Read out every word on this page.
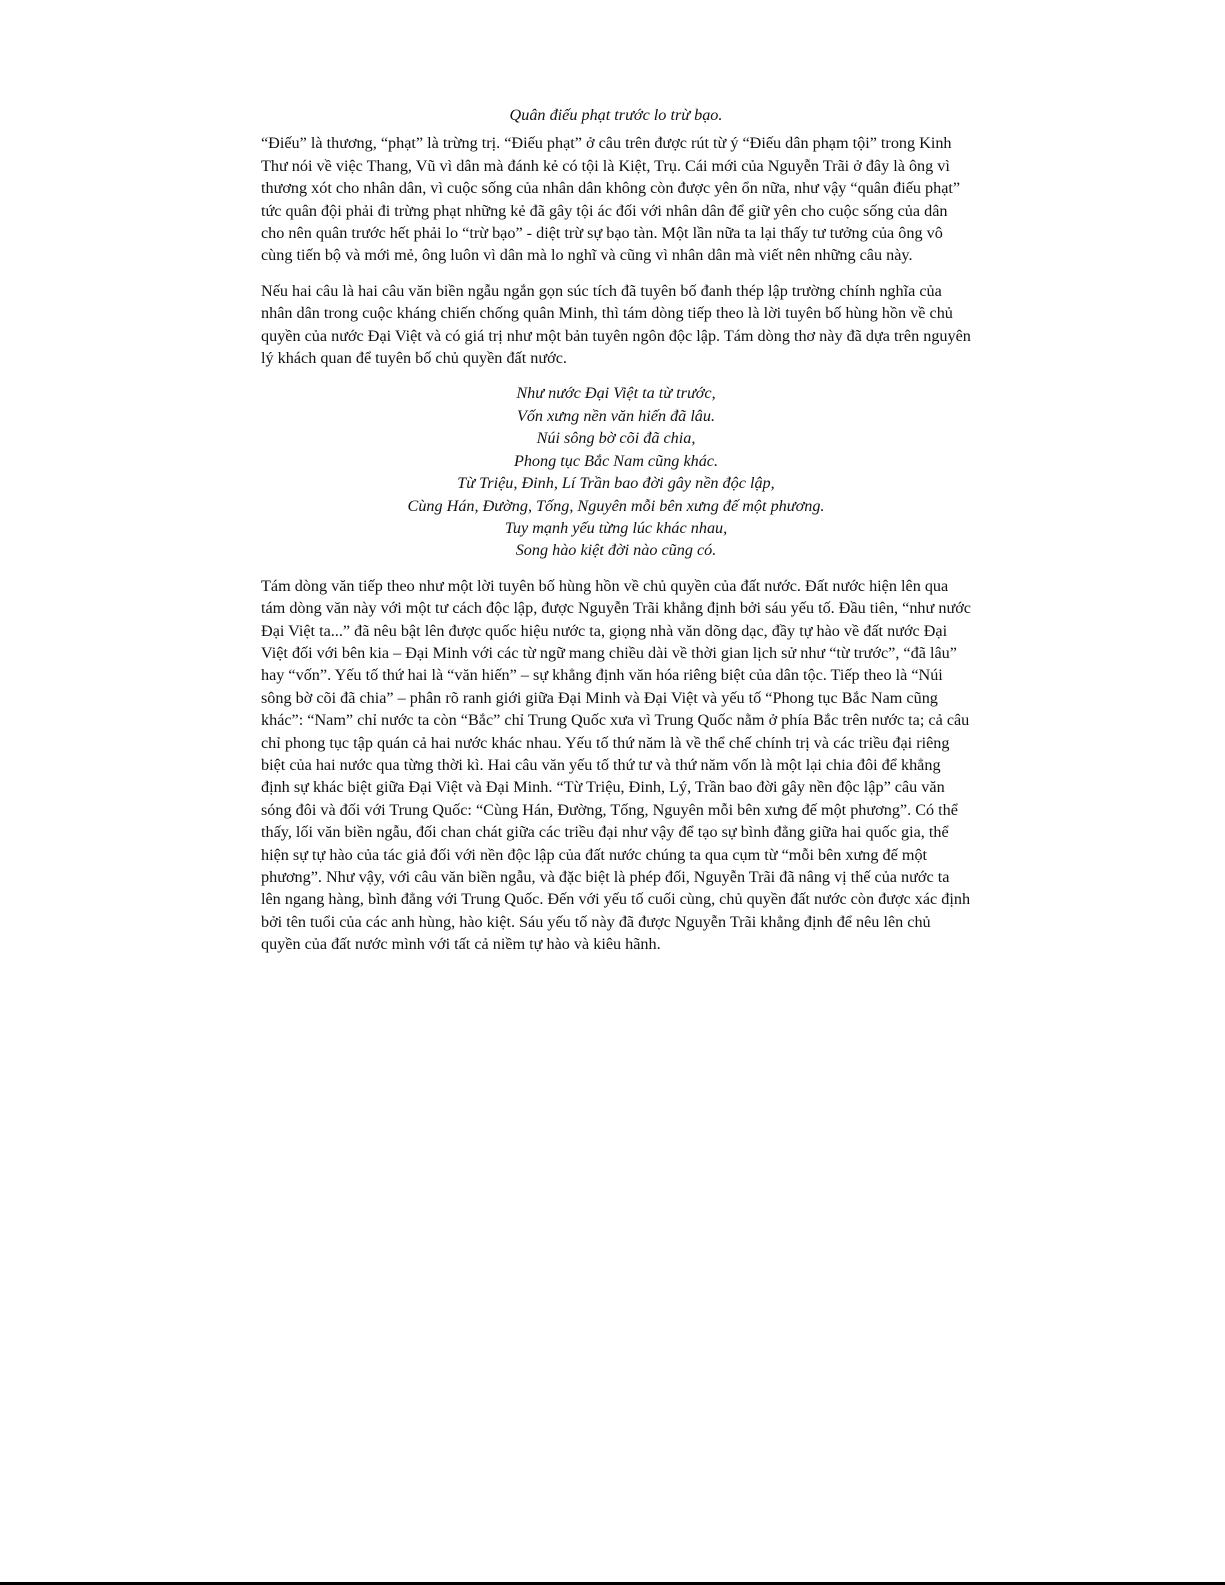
Quân điếu phạt trước lo trừ bạo.

“Điếu” là thương, “phạt” là trừng trị. “Điếu phạt” ở câu trên được rút từ ý “Điếu dân phạm tội” trong Kinh Thư nói về việc Thang, Vũ vì dân mà đánh kẻ có tội là Kiệt, Trụ. Cái mới của Nguyễn Trãi ở đây là ông vì thương xót cho nhân dân, vì cuộc sống của nhân dân không còn được yên ổn nữa, như vậy “quân điếu phạt” tức quân đội phải đi trừng phạt những kẻ đã gây tội ác đối với nhân dân để giữ yên cho cuộc sống của dân cho nên quân trước hết phải lo “trừ bạo” - diệt trừ sự bạo tàn. Một lần nữa ta lại thấy tư tưởng của ông vô cùng tiến bộ và mới mẻ, ông luôn vì dân mà lo nghĩ và cũng vì nhân dân mà viết nên những câu này.

Nếu hai câu là hai câu văn biền ngẫu ngắn gọn súc tích đã tuyên bố đanh thép lập trường chính nghĩa của nhân dân trong cuộc kháng chiến chống quân Minh, thì tám dòng tiếp theo là lời tuyên bố hùng hồn về chủ quyền của nước Đại Việt và có giá trị như một bản tuyên ngôn độc lập. Tám dòng thơ này đã dựa trên nguyên lý khách quan để tuyên bố chủ quyền đất nước.

Như nước Đại Việt ta từ trước,
Vốn xưng nền văn hiến đã lâu.
Núi sông bờ cõi đã chia,
Phong tục Bắc Nam cũng khác.
Từ Triệu, Đinh, Lí Trần bao đời gây nền độc lập,
Cùng Hán, Đường, Tống, Nguyên mỗi bên xưng đế một phương.
Tuy mạnh yếu từng lúc khác nhau,
Song hào kiệt đời nào cũng có.

Tám dòng văn tiếp theo như một lời tuyên bố hùng hồn về chủ quyền của đất nước. Đất nước hiện lên qua tám dòng văn này với một tư cách độc lập, được Nguyễn Trãi khẳng định bởi sáu yếu tố. Đầu tiên, “như nước Đại Việt ta...” đã nêu bật lên được quốc hiệu nước ta, giọng nhà văn dõng dạc, đầy tự hào về đất nước Đại Việt đối với bên kia – Đại Minh với các từ ngữ mang chiều dài về thời gian lịch sử như “từ trước”, “đã lâu” hay “vốn”. Yếu tố thứ hai là “văn hiến” – sự khẳng định văn hóa riêng biệt của dân tộc. Tiếp theo là “Núi sông bờ cõi đã chia” – phân rõ ranh giới giữa Đại Minh và Đại Việt và yếu tố “Phong tục Bắc Nam cũng khác”: “Nam” chỉ nước ta còn “Bắc” chỉ Trung Quốc xưa vì Trung Quốc nằm ở phía Bắc trên nước ta; cả câu chỉ phong tục tập quán cả hai nước khác nhau. Yếu tố thứ năm là về thể chế chính trị và các triều đại riêng biệt của hai nước qua từng thời kì. Hai câu văn yếu tố thứ tư và thứ năm vốn là một lại chia đôi để khẳng định sự khác biệt giữa Đại Việt và Đại Minh. “Từ Triệu, Đinh, Lý, Trần bao đời gây nền độc lập” câu văn sóng đôi và đối với Trung Quốc: “Cùng Hán, Đường, Tống, Nguyên mỗi bên xưng đế một phương”. Có thể thấy, lối văn biền ngẫu, đối chan chát giữa các triều đại như vậy để tạo sự bình đẳng giữa hai quốc gia, thể hiện sự tự hào của tác giả đối với nền độc lập của đất nước chúng ta qua cụm từ “mỗi bên xưng đế một phương”. Như vậy, với câu văn biền ngẫu, và đặc biệt là phép đối, Nguyễn Trãi đã nâng vị thế của nước ta lên ngang hàng, bình đẳng với Trung Quốc. Đến với yếu tố cuối cùng, chủ quyền đất nước còn được xác định bởi tên tuổi của các anh hùng, hào kiệt. Sáu yếu tố này đã được Nguyễn Trãi khẳng định để nêu lên chủ quyền của đất nước mình với tất cả niềm tự hào và kiêu hãnh.
